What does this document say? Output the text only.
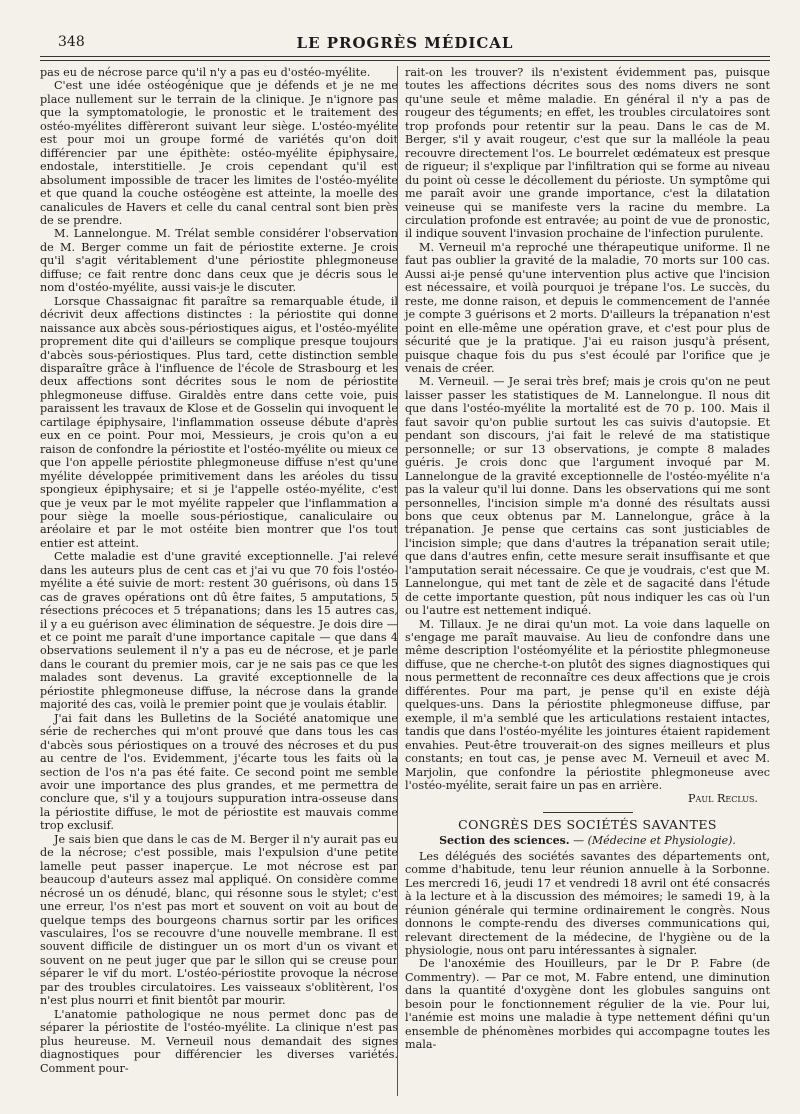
348	LE PROGRÈS MÉDICAL

pas eu de nécrose parce qu'il n'y a pas eu d'ostéo-myélite.

C'est une idée ostéogénique que je défends et je ne me place nullement sur le terrain de la clinique. Je n'ignore pas que la symptomatologie, le pronostic et le traitement des ostéo-myélites diffèreront suivant leur siège. L'ostéo-myélite est pour moi un groupe formé de variétés qu'on doit différencier par une épithète: ostéo-myélite épiphysaire, endostale, interstitielle. Je crois cependant qu'il est absolument impossible de tracer les limites de l'ostéo-myélite et que quand la couche ostéogène est atteinte, la moelle des canalicules de Havers et celle du canal central sont bien près de se prendre.

M. Lannelongue. M. Trélat semble considérer l'observation de M. Berger comme un fait de périostite externe. Je crois qu'il s'agit véritablement d'une périostite phlegmoneuse diffuse; ce fait rentre donc dans ceux que je décris sous le nom d'ostéo-myélite, aussi vais-je le discuter.

Lorsque Chassaignac fit paraître sa remarquable étude, il décrivit deux affections distinctes : la périostite qui donne naissance aux abcès sous-périostiques aigus, et l'ostéo-myélite proprement dite qui d'ailleurs se complique presque toujours d'abcès sous-périostiques. Plus tard, cette distinction semble disparaître grâce à l'influence de l'école de Strasbourg et les deux affections sont décrites sous le nom de périostite phlegmoneuse diffuse. Giraldès entre dans cette voie, puis paraissent les travaux de Klose et de Gosselin qui invoquent le cartilage épiphysaire, l'inflammation osseuse débute d'après eux en ce point. Pour moi, Messieurs, je crois qu'on a eu raison de confondre la périostite et l'ostéo-myélite ou mieux ce que l'on appelle périostite phlegmoneuse diffuse n'est qu'une myélite développée primitivement dans les aréoles du tissu spongieux épiphysaire; et si je l'appelle ostéo-myélite, c'est que je veux par le mot myélite rappeler que l'inflammation a pour siège la moelle sous-périostique, canaliculaire ou aréolaire et par le mot ostéite bien montrer que l'os tout entier est atteint.

Cette maladie est d'une gravité exceptionnelle. J'ai relevé dans les auteurs plus de cent cas et j'ai vu que 70 fois l'ostéo-myélite a été suivie de mort: restent 30 guérisons, où dans 15 cas de graves opérations ont dû être faites, 5 amputations, 5 résections précoces et 5 trépanations; dans les 15 autres cas, il y a eu guérison avec élimination de séquestre. Je dois dire — et ce point me paraît d'une importance capitale — que dans 4 observations seulement il n'y a pas eu de nécrose, et je parle dans le courant du premier mois, car je ne sais pas ce que les malades sont devenus. La gravité exceptionnelle de la périostite phlegmoneuse diffuse, la nécrose dans la grande majorité des cas, voilà le premier point que je voulais établir.

J'ai fait dans les Bulletins de la Société anatomique une série de recherches qui m'ont prouvé que dans tous les cas d'abcès sous périostiques on a trouvé des nécroses et du pus au centre de l'os. Evidemment, j'écarte tous les faits où la section de l'os n'a pas été faite. Ce second point me semble avoir une importance des plus grandes, et me permettra de conclure que, s'il y a toujours suppuration intra-osseuse dans la périostite diffuse, le mot de périostite est mauvais comme trop exclusif.

Je sais bien que dans le cas de M. Berger il n'y aurait pas eu de la nécrose; c'est possible, mais l'expulsion d'une petite lamelle peut passer inaperçue. Le mot nécrose est par beaucoup d'auteurs assez mal appliqué. On considère comme nécrosé un os dénudé, blanc, qui résonne sous le stylet; c'est une erreur, l'os n'est pas mort et souvent on voit au bout de quelque temps des bourgeons charnus sortir par les orifices vasculaires, l'os se recouvre d'une nouvelle membrane. Il est souvent difficile de distinguer un os mort d'un os vivant et souvent on ne peut juger que par le sillon qui se creuse pour séparer le vif du mort. L'ostéo-périostite provoque la nécrose par des troubles circulatoires. Les vaisseaux s'oblitèrent, l'os n'est plus nourri et finit bientôt par mourir.

L'anatomie pathologique ne nous permet donc pas de séparer la périostite de l'ostéo-myélite. La clinique n'est pas plus heureuse. M. Verneuil nous demandait des signes diagnostiques pour différencier les diverses variétés. Comment pour-

rait-on les trouver? ils n'existent évidemment pas, puisque toutes les affections décrites sous des noms divers ne sont qu'une seule et même maladie. En général il n'y a pas de rougeur des téguments; en effet, les troubles circulatoires sont trop profonds pour retentir sur la peau. Dans le cas de M. Berger, s'il y avait rougeur, c'est que sur la malléole la peau recouvre directement l'os. Le bourrelet œdémateux est presque de rigueur; il s'explique par l'infiltration qui se forme au niveau du point où cesse le décollement du périoste. Un symptôme qui me paraît avoir une grande importance, c'est la dilatation veineuse qui se manifeste vers la racine du membre. La circulation profonde est entravée; au point de vue de pronostic, il indique souvent l'invasion prochaine de l'infection purulente.

M. Verneuil m'a reproché une thérapeutique uniforme. Il ne faut pas oublier la gravité de la maladie, 70 morts sur 100 cas. Aussi ai-je pensé qu'une intervention plus active que l'incision est nécessaire, et voilà pourquoi je trépane l'os. Le succès, du reste, me donne raison, et depuis le commencement de l'année je compte 3 guérisons et 2 morts. D'ailleurs la trépanation n'est point en elle-même une opération grave, et c'est pour plus de sécurité que je la pratique. J'ai eu raison jusqu'à présent, puisque chaque fois du pus s'est écoulé par l'orifice que je venais de créer.

M. Verneuil. — Je serai très bref; mais je crois qu'on ne peut laisser passer les statistiques de M. Lannelongue. Il nous dit que dans l'ostéo-myélite la mortalité est de 70 p. 100. Mais il faut savoir qu'on publie surtout les cas suivis d'autopsie. Et pendant son discours, j'ai fait le relevé de ma statistique personnelle; or sur 13 observations, je compte 8 malades guéris. Je crois donc que l'argument invoqué par M. Lannelongue de la gravité exceptionnelle de l'ostéo-myélite n'a pas la valeur qu'il lui donne. Dans les observations qui me sont personnelles, l'incision simple m'a donné des résultats aussi bons que ceux obtenus par M. Lannelongue, grâce à la trépanation. Je pense que certains cas sont justiciables de l'incision simple; que dans d'autres la trépanation serait utile; que dans d'autres enfin, cette mesure serait insuffisante et que l'amputation serait nécessaire. Ce que je voudrais, c'est que M. Lannelongue, qui met tant de zèle et de sagacité dans l'étude de cette importante question, pût nous indiquer les cas où l'un ou l'autre est nettement indiqué.

M. Tillaux. Je ne dirai qu'un mot. La voie dans laquelle on s'engage me paraît mauvaise. Au lieu de confondre dans une même description l'ostéomyélite et la périostite phlegmoneuse diffuse, que ne cherche-t-on plutôt des signes diagnostiques qui nous permettent de reconnaître ces deux affections que je crois différentes. Pour ma part, je pense qu'il en existe déjà quelques-uns. Dans la périostite phlegmoneuse diffuse, par exemple, il m'a semblé que les articulations restaient intactes, tandis que dans l'ostéo-myélite les jointures étaient rapidement envahies. Peut-être trouverait-on des signes meilleurs et plus constants; en tout cas, je pense avec M. Verneuil et avec M. Marjolin, que confondre la périostite phlegmoneuse avec l'ostéo-myélite, serait faire un pas en arrière.

Paul Reclus.
CONGRÈS DES SOCIÉTÉS SAVANTES
Section des sciences. — (Médecine et Physiologie).

Les délégués des sociétés savantes des départements ont, comme d'habitude, tenu leur réunion annuelle à la Sorbonne. Les mercredi 16, jeudi 17 et vendredi 18 avril ont été consacrés à la lecture et à la discussion des mémoires; le samedi 19, à la réunion générale qui termine ordinairement le congrès. Nous donnons le compte-rendu des diverses communications qui, relevant directement de la médecine, de l'hygiène ou de la physiologie, nous ont paru intéressantes à signaler.

De l'anoxémie des Houilleurs, par le Dr P. Fabre (de Commentry). — Par ce mot, M. Fabre entend, une diminution dans la quantité d'oxygène dont les globules sanguins ont besoin pour le fonctionnement régulier de la vie. Pour lui, l'anémie est moins une maladie à type nettement défini qu'un ensemble de phénomènes morbides qui accompagne toutes les mala-
